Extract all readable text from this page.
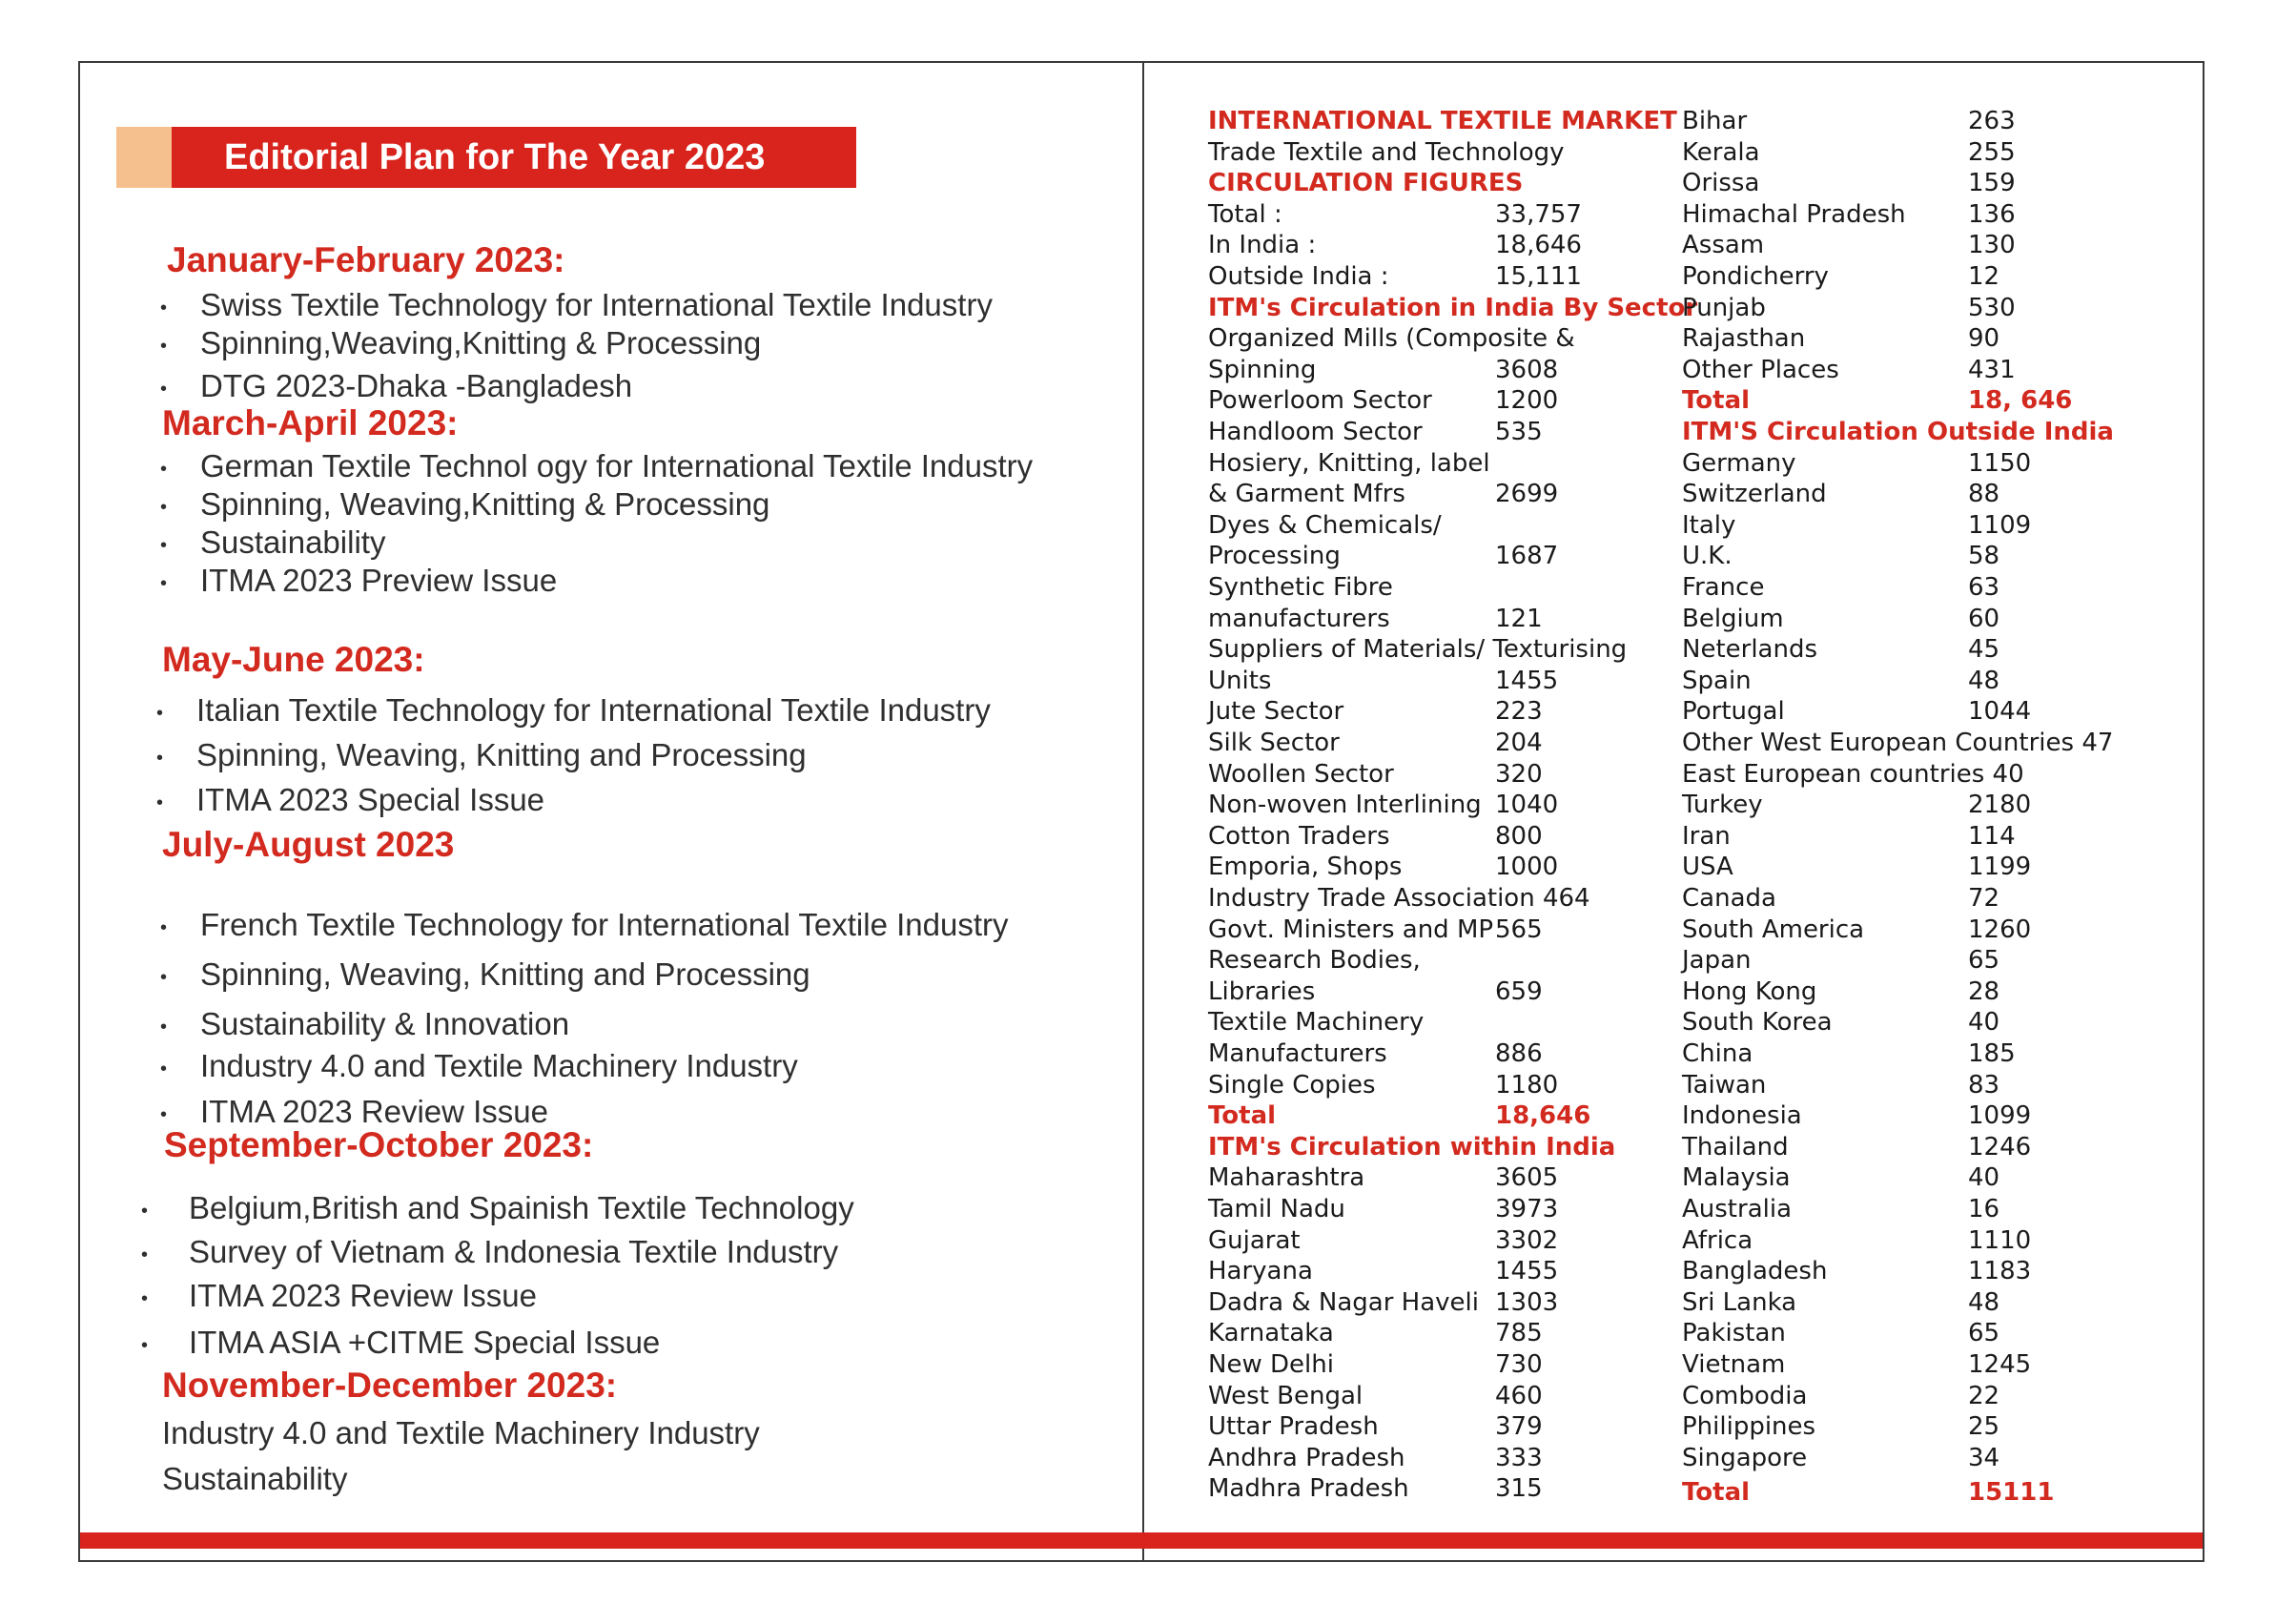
Editorial Plan for The Year 2023
January-February 2023:
• Swiss Textile Technology for International Textile Industry
• Spinning,Weaving,Knitting & Processing
• DTG 2023-Dhaka -Bangladesh
March-April 2023:
• German Textile Technol ogy for International Textile Industry
• Spinning, Weaving,Knitting & Processing
• Sustainability
• ITMA 2023 Preview Issue
May-June 2023:
• Italian Textile Technology for International Textile Industry
• Spinning, Weaving, Knitting and Processing
• ITMA 2023 Special Issue
July-August 2023
• French Textile Technology for International Textile Industry
• Spinning, Weaving, Knitting and Processing
• Sustainability & Innovation
• Industry 4.0 and Textile Machinery Industry
• ITMA 2023 Review Issue
September-October 2023:
• Belgium,British and Spainish Textile Technology
• Survey of Vietnam & Indonesia Textile Industry
• ITMA 2023 Review Issue
• ITMA ASIA +CITME Special Issue
November-December 2023:
Industry 4.0 and Textile Machinery Industry
Sustainability
INTERNATIONAL TEXTILE MARKET
Trade Textile and Technology
CIRCULATION FIGURES
Total :	33,757
In India :	18,646
Outside India :	15,111
ITM's Circulation in India By Sector
Organized Mills (Composite &
Spinning	3608
Powerloom Sector	1200
Handloom Sector	535
Hosiery, Knitting, label
& Garment Mfrs	2699
Dyes & Chemicals/
Processing	1687
Synthetic Fibre
manufacturers	121
Suppliers of Materials/ Texturising
Units	1455
Jute Sector	223
Silk Sector	204
Woollen Sector	320
Non-woven Interlining 1040
Cotton Traders	800
Emporia, Shops	1000
Industry Trade Association 464
Govt. Ministers and MP 565
Research Bodies,
Libraries	659
Textile Machinery
Manufacturers	886
Single Copies	1180
Total	18,646
ITM's Circulation within India
Maharashtra	3605
Tamil Nadu	3973
Gujarat	3302
Haryana	1455
Dadra & Nagar Haveli 1303
Karnataka	785
New Delhi	730
West Bengal	460
Uttar Pradesh	379
Andhra Pradesh	333
Madhra Pradesh	315
Bihar	263
Kerala	255
Orissa	159
Himachal Pradesh	136
Assam	130
Pondicherry	12
Punjab	530
Rajasthan	90
Other Places	431
Total	18, 646
ITM'S Circulation Outside India
Germany	1150
Switzerland	88
Italy	1109
U.K.	58
France	63
Belgium	60
Neterlands	45
Spain	48
Portugal	1044
Other West European Countries 47
East European countries 40
Turkey	2180
Iran	114
USA	1199
Canada	72
South America	1260
Japan	65
Hong Kong	28
South Korea	40
China	185
Taiwan	83
Indonesia	1099
Thailand	1246
Malaysia	40
Australia	16
Africa	1110
Bangladesh	1183
Sri Lanka	48
Pakistan	65
Vietnam	1245
Combodia	22
Philippines	25
Singapore	34
Total	15111
